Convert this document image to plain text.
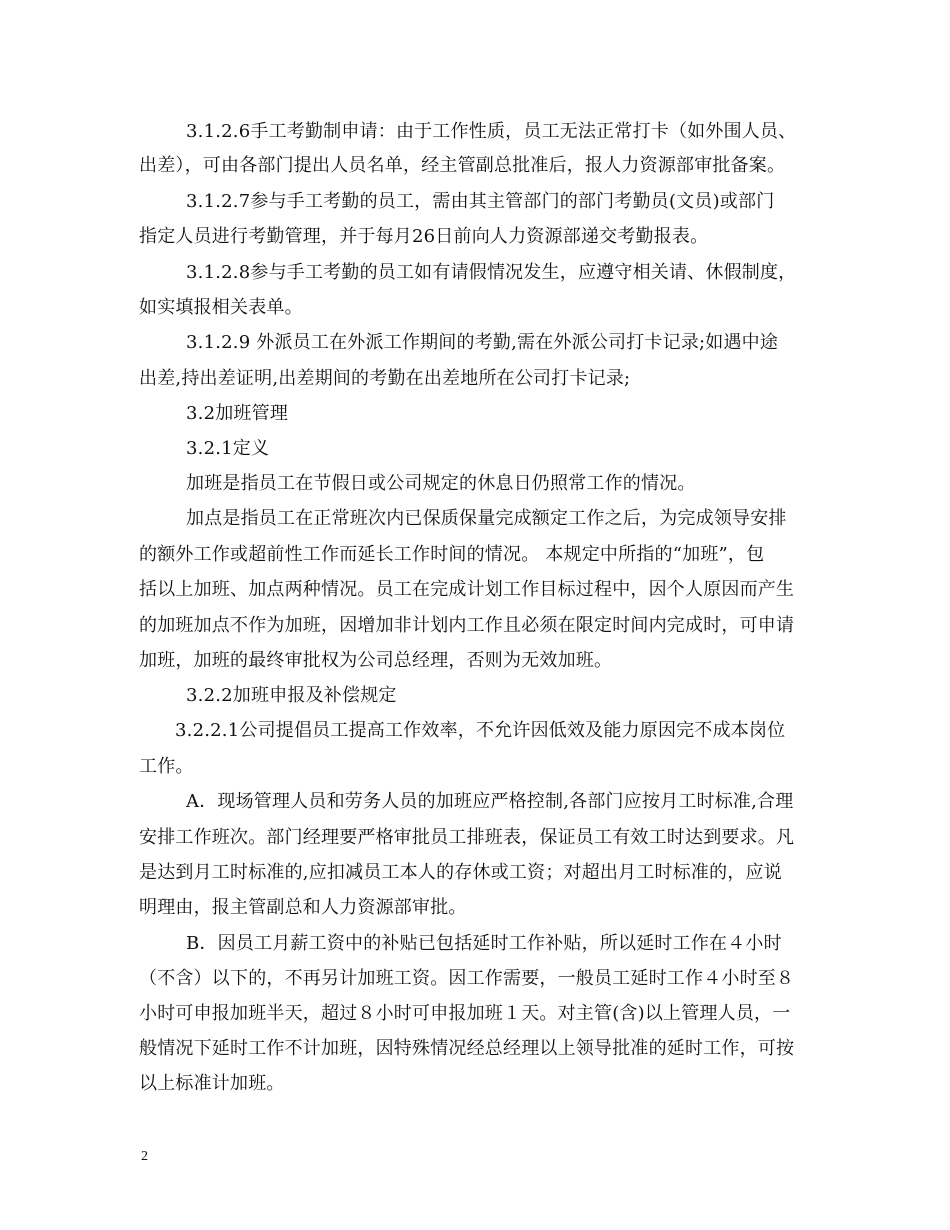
3.1.2.6手工考勤制申请：由于工作性质，员工无法正常打卡（如外围人员、
出差），可由各部门提出人员名单，经主管副总批准后，报人力资源部审批备案。
3.1.2.7参与手工考勤的员工，需由其主管部门的部门考勤员(文员)或部门
指定人员进行考勤管理，并于每月26日前向人力资源部递交考勤报表。
3.1.2.8参与手工考勤的员工如有请假情况发生，应遵守相关请、休假制度，
如实填报相关表单。
3.1.2.9 外派员工在外派工作期间的考勤,需在外派公司打卡记录;如遇中途
出差,持出差证明,出差期间的考勤在出差地所在公司打卡记录;
3.2加班管理
3.2.1定义
加班是指员工在节假日或公司规定的休息日仍照常工作的情况。
加点是指员工在正常班次内已保质保量完成额定工作之后，为完成领导安排
的额外工作或超前性工作而延长工作时间的情况。 本规定中所指的“加班”，包
括以上加班、加点两种情况。员工在完成计划工作目标过程中，因个人原因而产生
的加班加点不作为加班，因增加非计划内工作且必须在限定时间内完成时，可申请
加班，加班的最终审批权为公司总经理，否则为无效加班。
3.2.2加班申报及补偿规定
3.2.2.1公司提倡员工提高工作效率，不允许因低效及能力原因完不成本岗位
工作。
A．现场管理人员和劳务人员的加班应严格控制,各部门应按月工时标准,合理
安排工作班次。部门经理要严格审批员工排班表，保证员工有效工时达到要求。凡
是达到月工时标准的,应扣减员工本人的存休或工资；对超出月工时标准的，应说
明理由，报主管副总和人力资源部审批。
B．因员工月薪工资中的补贴已包括延时工作补贴，所以延时工作在４小时
（不含）以下的，不再另计加班工资。因工作需要，一般员工延时工作４小时至８
小时可申报加班半天，超过８小时可申报加班１天。对主管(含)以上管理人员，一
般情况下延时工作不计加班，因特殊情况经总经理以上领导批准的延时工作，可按
以上标准计加班。
2
